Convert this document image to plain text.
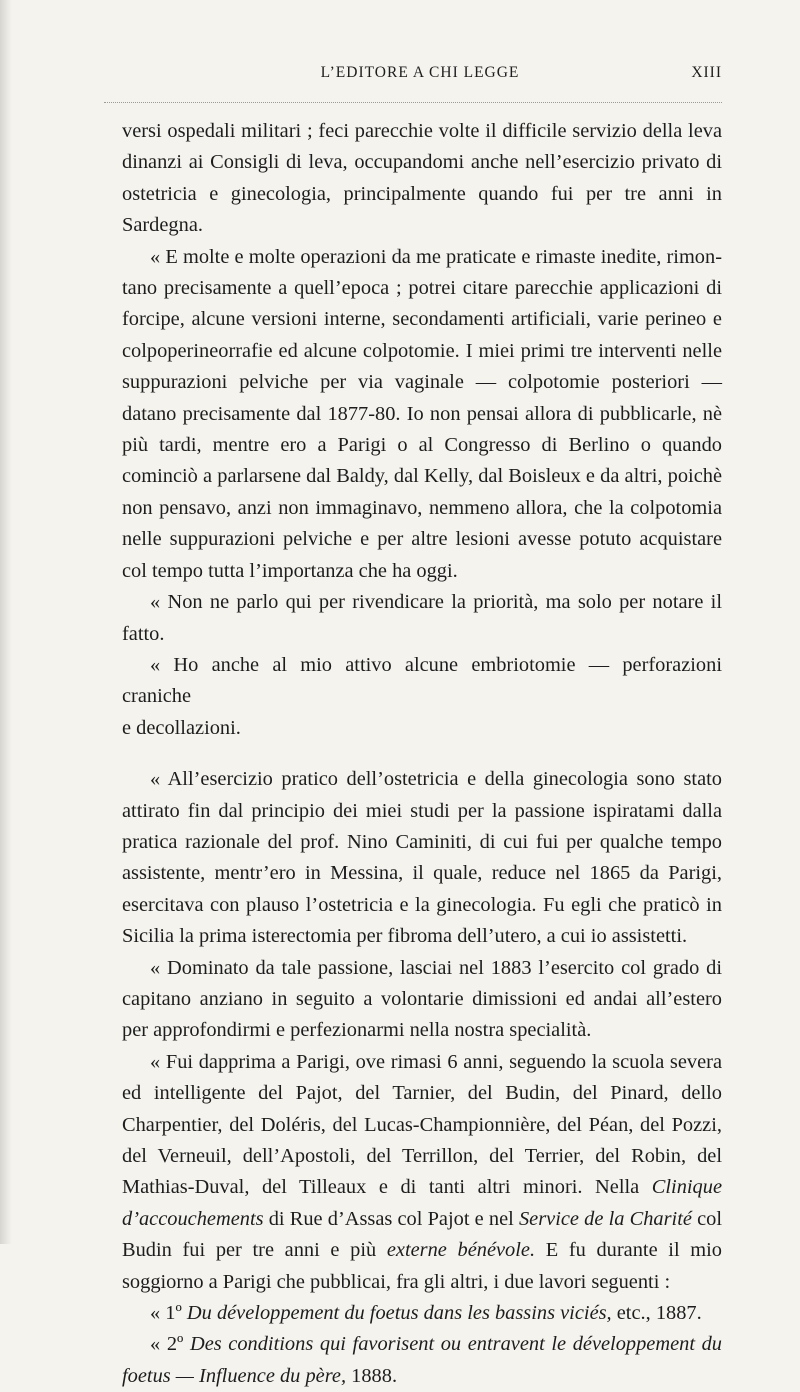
L’EDITORE A CHI LEGGE	XIII

versi ospedali militari ; feci parecchie volte il difficile servizio della leva dinanzi ai Consigli di leva, occupandomi anche nell’esercizio privato di ostetricia e ginecologia, principalmente quando fui per tre anni in Sardegna.

« E molte e molte operazioni da me praticate e rimaste inedite, rimontano precisamente a quell’epoca ; potrei citare parecchie applicazioni di forcipe, alcune versioni interne, secondamenti artificiali, varie perineo e colpoperineorrafie ed alcune colpotomie. I miei primi tre interventi nelle suppurazioni pelviche per via vaginale — colpotomie posteriori — datano precisamente dal 1877-80. Io non pensai allora di pubblicarle, nè più tardi, mentre ero a Parigi o al Congresso di Berlino o quando cominciò a parlarsene dal Baldy, dal Kelly, dal Boisleux e da altri, poichè non pensavo, anzi non immaginavo, nemmeno allora, che la colpotomia nelle suppurazioni pelviche e per altre lesioni avesse potuto acquistare col tempo tutta l’importanza che ha oggi.

« Non ne parlo qui per rivendicare la priorità, ma solo per notare il fatto.

« Ho anche al mio attivo alcune embriotomie — perforazioni craniche

e decollazioni.

« All’esercizio pratico dell’ostetricia e della ginecologia sono stato attirato fin dal principio dei miei studi per la passione ispiratami dalla pratica razionale del prof. Nino Caminiti, di cui fui per qualche tempo assistente, mentr’ero in Messina, il quale, reduce nel 1865 da Parigi, esercitava con plauso l’ostetricia e la ginecologia. Fu egli che praticò in Sicilia la prima isterectomia per fibroma dell’utero, a cui io assistetti.

« Dominato da tale passione, lasciai nel 1883 l’esercito col grado di capitano anziano in seguito a volontarie dimissioni ed andai all’estero per approfondirmi e perfezionarmi nella nostra specialità.

« Fui dapprima a Parigi, ove rimasi 6 anni, seguendo la scuola severa ed intelligente del Pajot, del Tarnier, del Budin, del Pinard, dello Charpentier, del Doléris, del Lucas-Championnière, del Péan, del Pozzi, del Verneuil, dell’Apostoli, del Terrillon, del Terrier, del Robin, del Mathias-Duval, del Tilleaux e di tanti altri minori. Nella Clinique d’accouchements di Rue d’Assas col Pajot e nel Service de la Charité col Budin fui per tre anni e più externe bénévole. E fu durante il mio soggiorno a Parigi che pubblicai, fra gli altri, i due lavori seguenti :

« 1º Du développement du foetus dans les bassins viciés, etc., 1887.

« 2º Des conditions qui favorisent ou entravent le développement du foetus — Influence du père, 1888.
